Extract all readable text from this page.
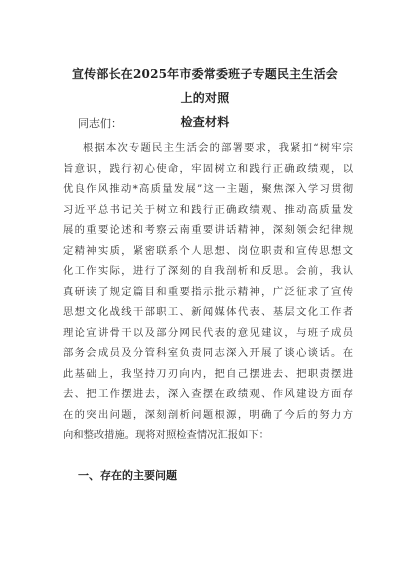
宣传部长在2025年市委常委班子专题民主生活会上的对照
检查材料
同志们：
根据本次专题民主生活会的部署要求，我紧扣“树牢宗
旨意识，践行初心使命，牢固树立和践行正确政绩观，以
优良作风推动*高质量发展”这一主题，聚焦深入学习贯彻
习近平总书记关于树立和践行正确政绩观、推动高质量发
展的重要论述和考察云南重要讲话精神，深刻领会纪律规
定精神实质，紧密联系个人思想、岗位职责和宣传思想文
化工作实际，进行了深刻的自我剖析和反思。会前，我认
真研读了规定篇目和重要指示批示精神，广泛征求了宣传
思想文化战线干部职工、新闻媒体代表、基层文化工作者
理论宣讲骨干以及部分网民代表的意见建议，与班子成员
部务会成员及分管科室负责同志深入开展了谈心谈话。在
此基础上，我坚持刀刃向内，把自己摆进去、把职责摆进
去、把工作摆进去，深入查摆在政绩观、作风建设方面存
在的突出问题，深刻剖析问题根源，明确了今后的努力方
向和整改措施。现将对照检查情况汇报如下：
一、存在的主要问题
